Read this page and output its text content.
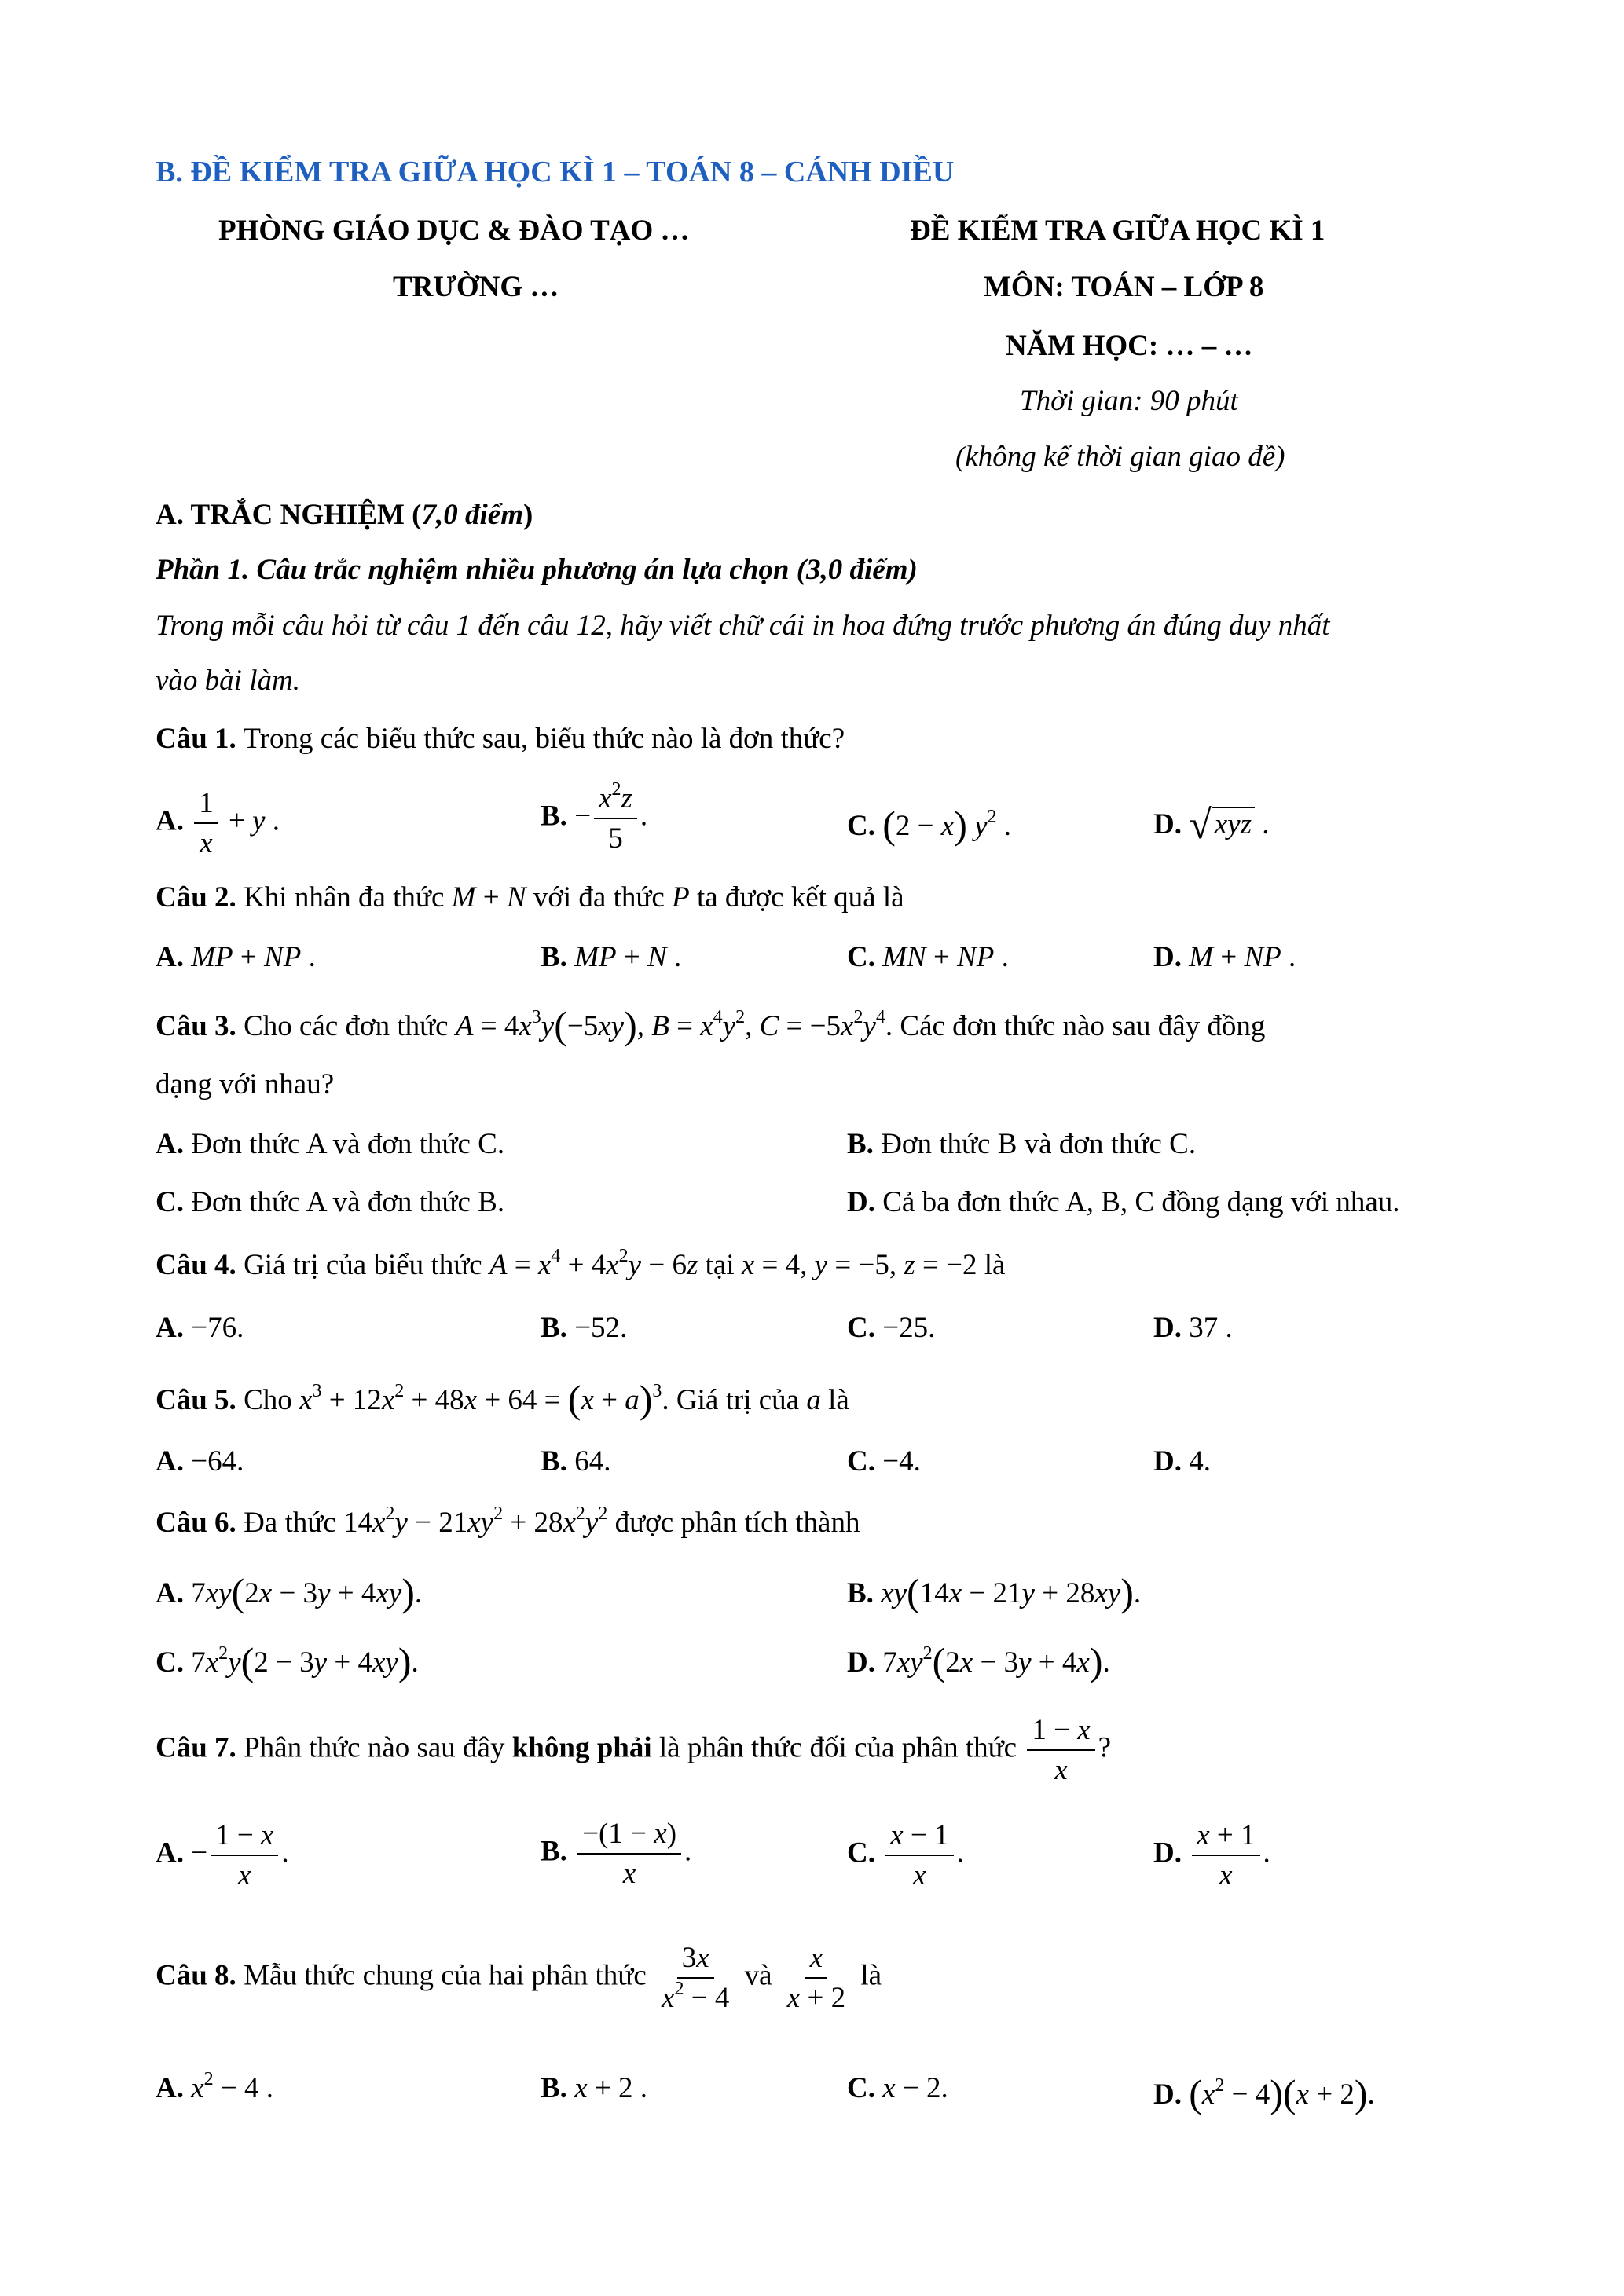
B. ĐỀ KIỂM TRA GIỮA HỌC KÌ 1 – TOÁN 8 – CÁNH DIỀU
PHÒNG GIÁO DỤC & ĐÀO TẠO …
TRƯỜNG …
ĐỀ KIỂM TRA GIỮA HỌC KÌ 1
MÔN: TOÁN – LỚP 8
NĂM HỌC: … – …
Thời gian: 90 phút
(không kể thời gian giao đề)
A. TRẮC NGHIỆM (7,0 điểm)
Phần 1. Câu trắc nghiệm nhiều phương án lựa chọn (3,0 điểm)
Trong mỗi câu hỏi từ câu 1 đến câu 12, hãy viết chữ cái in hoa đứng trước phương án đúng duy nhất
vào bài làm.
Câu 1. Trong các biểu thức sau, biểu thức nào là đơn thức?
A. $\frac{1}{x} + y$ .	B. − $\frac{x^2z}{5}$ .	C. (2 − x) $y^2$ .	D. √ xyz .
Câu 2. Khi nhân đa thức M + N với đa thức P ta được kết quả là
A. MP + NP .	B. MP + N .	C. MN + NP .	D. M + NP .
Câu 3. Cho các đơn thức $A = 4x^3y(-5xy)$, $B = x^4y^2$, $C = -5x^2y^4$. Các đơn thức nào sau đây đồng
dạng với nhau?
A. Đơn thức A và đơn thức C.	B. Đơn thức B và đơn thức C.
C. Đơn thức A và đơn thức B.	D. Cả ba đơn thức A, B, C đồng dạng với nhau.
Câu 4. Giá trị của biểu thức $A = x^4 + 4x^2y - 6z$ tại x = 4, y = −5, z = −2 là
A. −76.	B. −52.	C. −25.	D. 37 .
Câu 5. Cho $x^3 + 12x^2 + 48x + 64 = (x + a)^3$. Giá trị của a là
A. −64.	B. 64.	C. −4.	D. 4.
Câu 6. Đa thức $14x^2y - 21xy^2 + 28x^2y^2$ được phân tích thành
A. 7xy(2x − 3y + 4xy).	B. xy(14x − 21y + 28xy).
C. $7x^2y(2 - 3y + 4xy)$.	D. $7xy^2(2x - 3y + 4x)$.
Câu 7. Phân thức nào sau đây không phải là phân thức đối của phân thức $\frac{1 - x}{x}$ ?
A. − $\frac{1 - x}{x}$ .	B. $\frac{-(1 - x)}{x}$ .	C. $\frac{x - 1}{x}$ .	D. $\frac{x + 1}{x}$ .
Câu 8. Mẫu thức chung của hai phân thức $\frac{3x}{x^2 - 4}$ và $\frac{x}{x + 2}$ là
A. $x^2 - 4$ .	B. x + 2 .	C. x − 2.	D. $(x^2 - 4)(x + 2)$.
